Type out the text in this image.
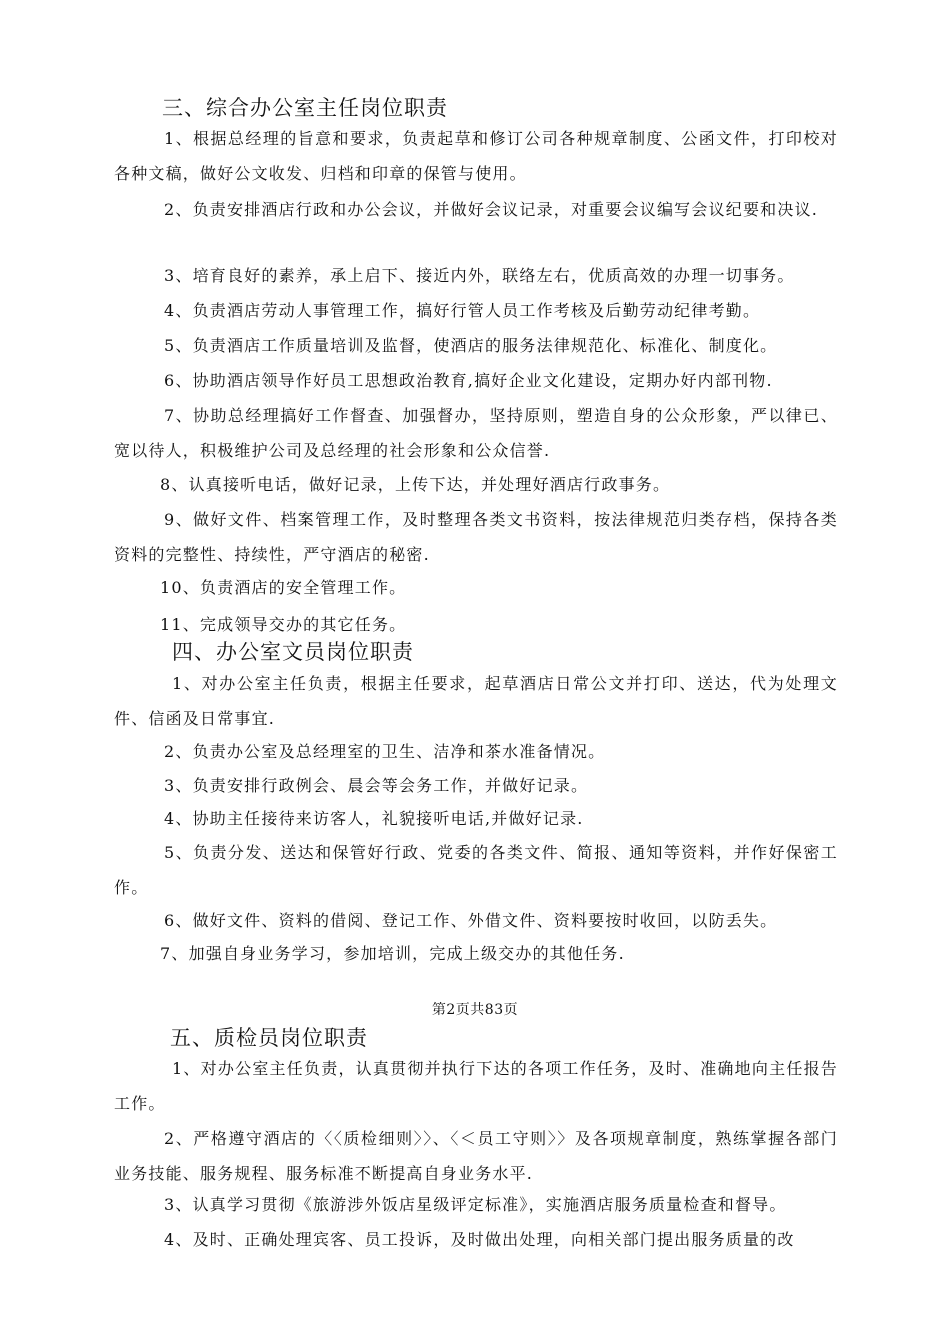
三、综合办公室主任岗位职责
1、根据总经理的旨意和要求，负责起草和修订公司各种规章制度、公函文件，打印校对各种文稿，做好公文收发、归档和印章的保管与使用。
2、负责安排酒店行政和办公会议，并做好会议记录，对重要会议编写会议纪要和决议.
3、培育良好的素养，承上启下、接近内外，联络左右，优质高效的办理一切事务。
4、负责酒店劳动人事管理工作，搞好行管人员工作考核及后勤劳动纪律考勤。
5、负责酒店工作质量培训及监督，使酒店的服务法律规范化、标准化、制度化。
6、协助酒店领导作好员工思想政治教育,搞好企业文化建设，定期办好内部刊物.
7、协助总经理搞好工作督查、加强督办，坚持原则，塑造自身的公众形象，严以律已、宽以待人，积极维护公司及总经理的社会形象和公众信誉.
8、认真接听电话，做好记录，上传下达，并处理好酒店行政事务。
9、做好文件、档案管理工作，及时整理各类文书资料，按法律规范归类存档，保持各类资料的完整性、持续性，严守酒店的秘密.
10、负责酒店的安全管理工作。
11、完成领导交办的其它任务。
四、办公室文员岗位职责
1、对办公室主任负责，根据主任要求，起草酒店日常公文并打印、送达，代为处理文件、信函及日常事宜.
2、负责办公室及总经理室的卫生、洁净和茶水准备情况。
3、负责安排行政例会、晨会等会务工作，并做好记录。
4、协助主任接待来访客人，礼貌接听电话,并做好记录.
5、负责分发、送达和保管好行政、党委的各类文件、简报、通知等资料，并作好保密工作。
6、做好文件、资料的借阅、登记工作、外借文件、资料要按时收回，以防丢失。
7、加强自身业务学习，参加培训，完成上级交办的其他任务.
第2页共83页
五、质检员岗位职责
1、对办公室主任负责，认真贯彻并执行下达的各项工作任务，及时、准确地向主任报告工作。
2、严格遵守酒店的〈〈质检细则〉〉、〈＜员工守则〉〉及各项规章制度，熟练掌握各部门业务技能、服务规程、服务标准不断提高自身业务水平.
3、认真学习贯彻《旅游涉外饭店星级评定标准》，实施酒店服务质量检查和督导。
4、及时、正确处理宾客、员工投诉，及时做出处理，向相关部门提出服务质量的改
